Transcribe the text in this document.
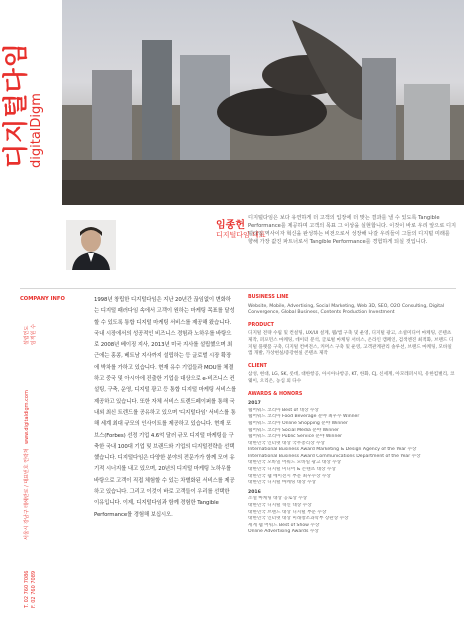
디지털다임 digitalDigm
임종헌
디지털다임 대표
디지털다임은 보다 유연하게 더 고객의 입장에 더 맞는 결과를 낼 수 있도록 Tangible Performance를 제공하며 고객의 목표 그 이상을 실현합니다. 이것이 바로 우리 앞으로 디지털다임 역사이자 혁신을 완성하는 비전으로서 성장해 나갈 우리들이 그들의 디지털 미래를 향해 가장 값진 파트너로서 Tangible Performance를 경험하게 되실 것입니다.
COMPANY INFO
설립연도 임직원 수
www.digitaldigm.com
서울시 강남구 테헤란로 / 대표번호 연락처
T. 02 760 7086 F. 02 760 7089
1998년 창립한 디지털다임은 지난 20년간 끊임없이 변화하는 디지털 패러다임 속에서 고객이 원하는 마케팅 목표를 달성할 수 있도록 통합 디지털 마케팅 서비스를 제공해 왔습니다. 국내 시장에서의 성공적인 비즈니스 경험과 노하우를 바탕으로 2008년 베이징 지사, 2013년 미국 지사를 설립했으며 최근에는 홍콩, 베트남 지사까지 설립하는 등 글로벌 시장 확장에 박차를 가하고 있습니다. 현재 유수 기업들과 MOU를 체결하고 중국 및 아시아에 진출한 기업을 대상으로 e-비즈니스 컨설팅, 구축, 운영, 디지털 광고 등 통합 디지털 마케팅 서비스를 제공하고 있습니다. 또한 자체 서비스 트렌드페이퍼를 통해 국내외 최신 트렌드를 공유하고 있으며 '디지털다임' 서비스를 통해 세계 최대 규모의 인사이트를 제공하고 있습니다. 현재 포브스(Forbes) 선정 기업 4.6억 달러 규모 디지털 마케팅을 구축한 국내 100대 기업 및 브랜드와 기업의 디지털전략을 선택했습니다. 디지털다임은 다양한 분야의 전문가가 함께 모여 유기적 시너지를 내고 있으며, 20년의 디지털 마케팅 노하우를 바탕으로 고객이 직접 체험할 수 있는 차별화된 서비스를 제공하고 있습니다. 그리고 이것이 바로 고객들이 우리를 선택한 이유입니다. 이제, 디지털다임과 함께 경험한 Tangible Performance를 경험해 보십시오.
BUSINESS LINE
Website, Mobile, Advertising, Social Marketing, Web 3D, SEO, O2O Consulting, Digital Convergence, Global Business, Contents Production Investment
PRODUCT
디지털 전략 수립 및 컨설팅, UX/UI 설계, 웹/앱 구축 및 운영, 디지털 광고, 소셜미디어 마케팅, 콘텐츠 제작, 퍼포먼스 마케팅, 데이터 분석, 글로벌 마케팅 서비스, 온라인 캠페인, 검색엔진 최적화, 브랜드 디지털 플랫폼 구축, 디지털 컨버전스, 커머스 구축 및 운영, 고객관계관리 솔루션, 브랜드 마케팅, 모바일 앱 개발, 가상현실/증강현실 콘텐츠 제작
CLIENT
삼성, 현대, LG, SK, 롯데, 대한항공, 아시아나항공, KT, 한화, CJ, 신세계, 아모레퍼시픽, 유한킴벌리, 코웨이, 오리온, 농심 외 다수
AWARDS & HONORS
2017
웹어워드 코리아 Best of 대상 수상
웹어워드 코리아 Food Beverage 분야 최우수 Winner
웹어워드 코리아 Online Shopping 분야 Winner
웹어워드 코리아 Social Media 분야 Winner
웹어워드 코리아 Public Service 분야 Winner
대한민국 인터넷 대상 국무총리상 수상
International Business Award Marketing & Design Agency of the Year 수상
International Business Award Communications Department of the Year 수상
대한민국 모바일 어워드 모바일 광고 대상 수상
대한민국 디지털 미디어 & 콘텐츠 대상 수상
대한민국 웹 에이전시 부문 최우수상 수상
대한민국 디지털 마케팅 대상 수상
2016
소셜 마케팅 대상 공로상 수상
대한민국 디지털 혁신 대상 수상
대한민국 브랜드 대상 디지털 부문 수상
대한민국 인터넷 대상 미래창조과학부 장관상 수상
세계 웹 어워드 Best of Show 수상
Online Advertising Awards 수상
